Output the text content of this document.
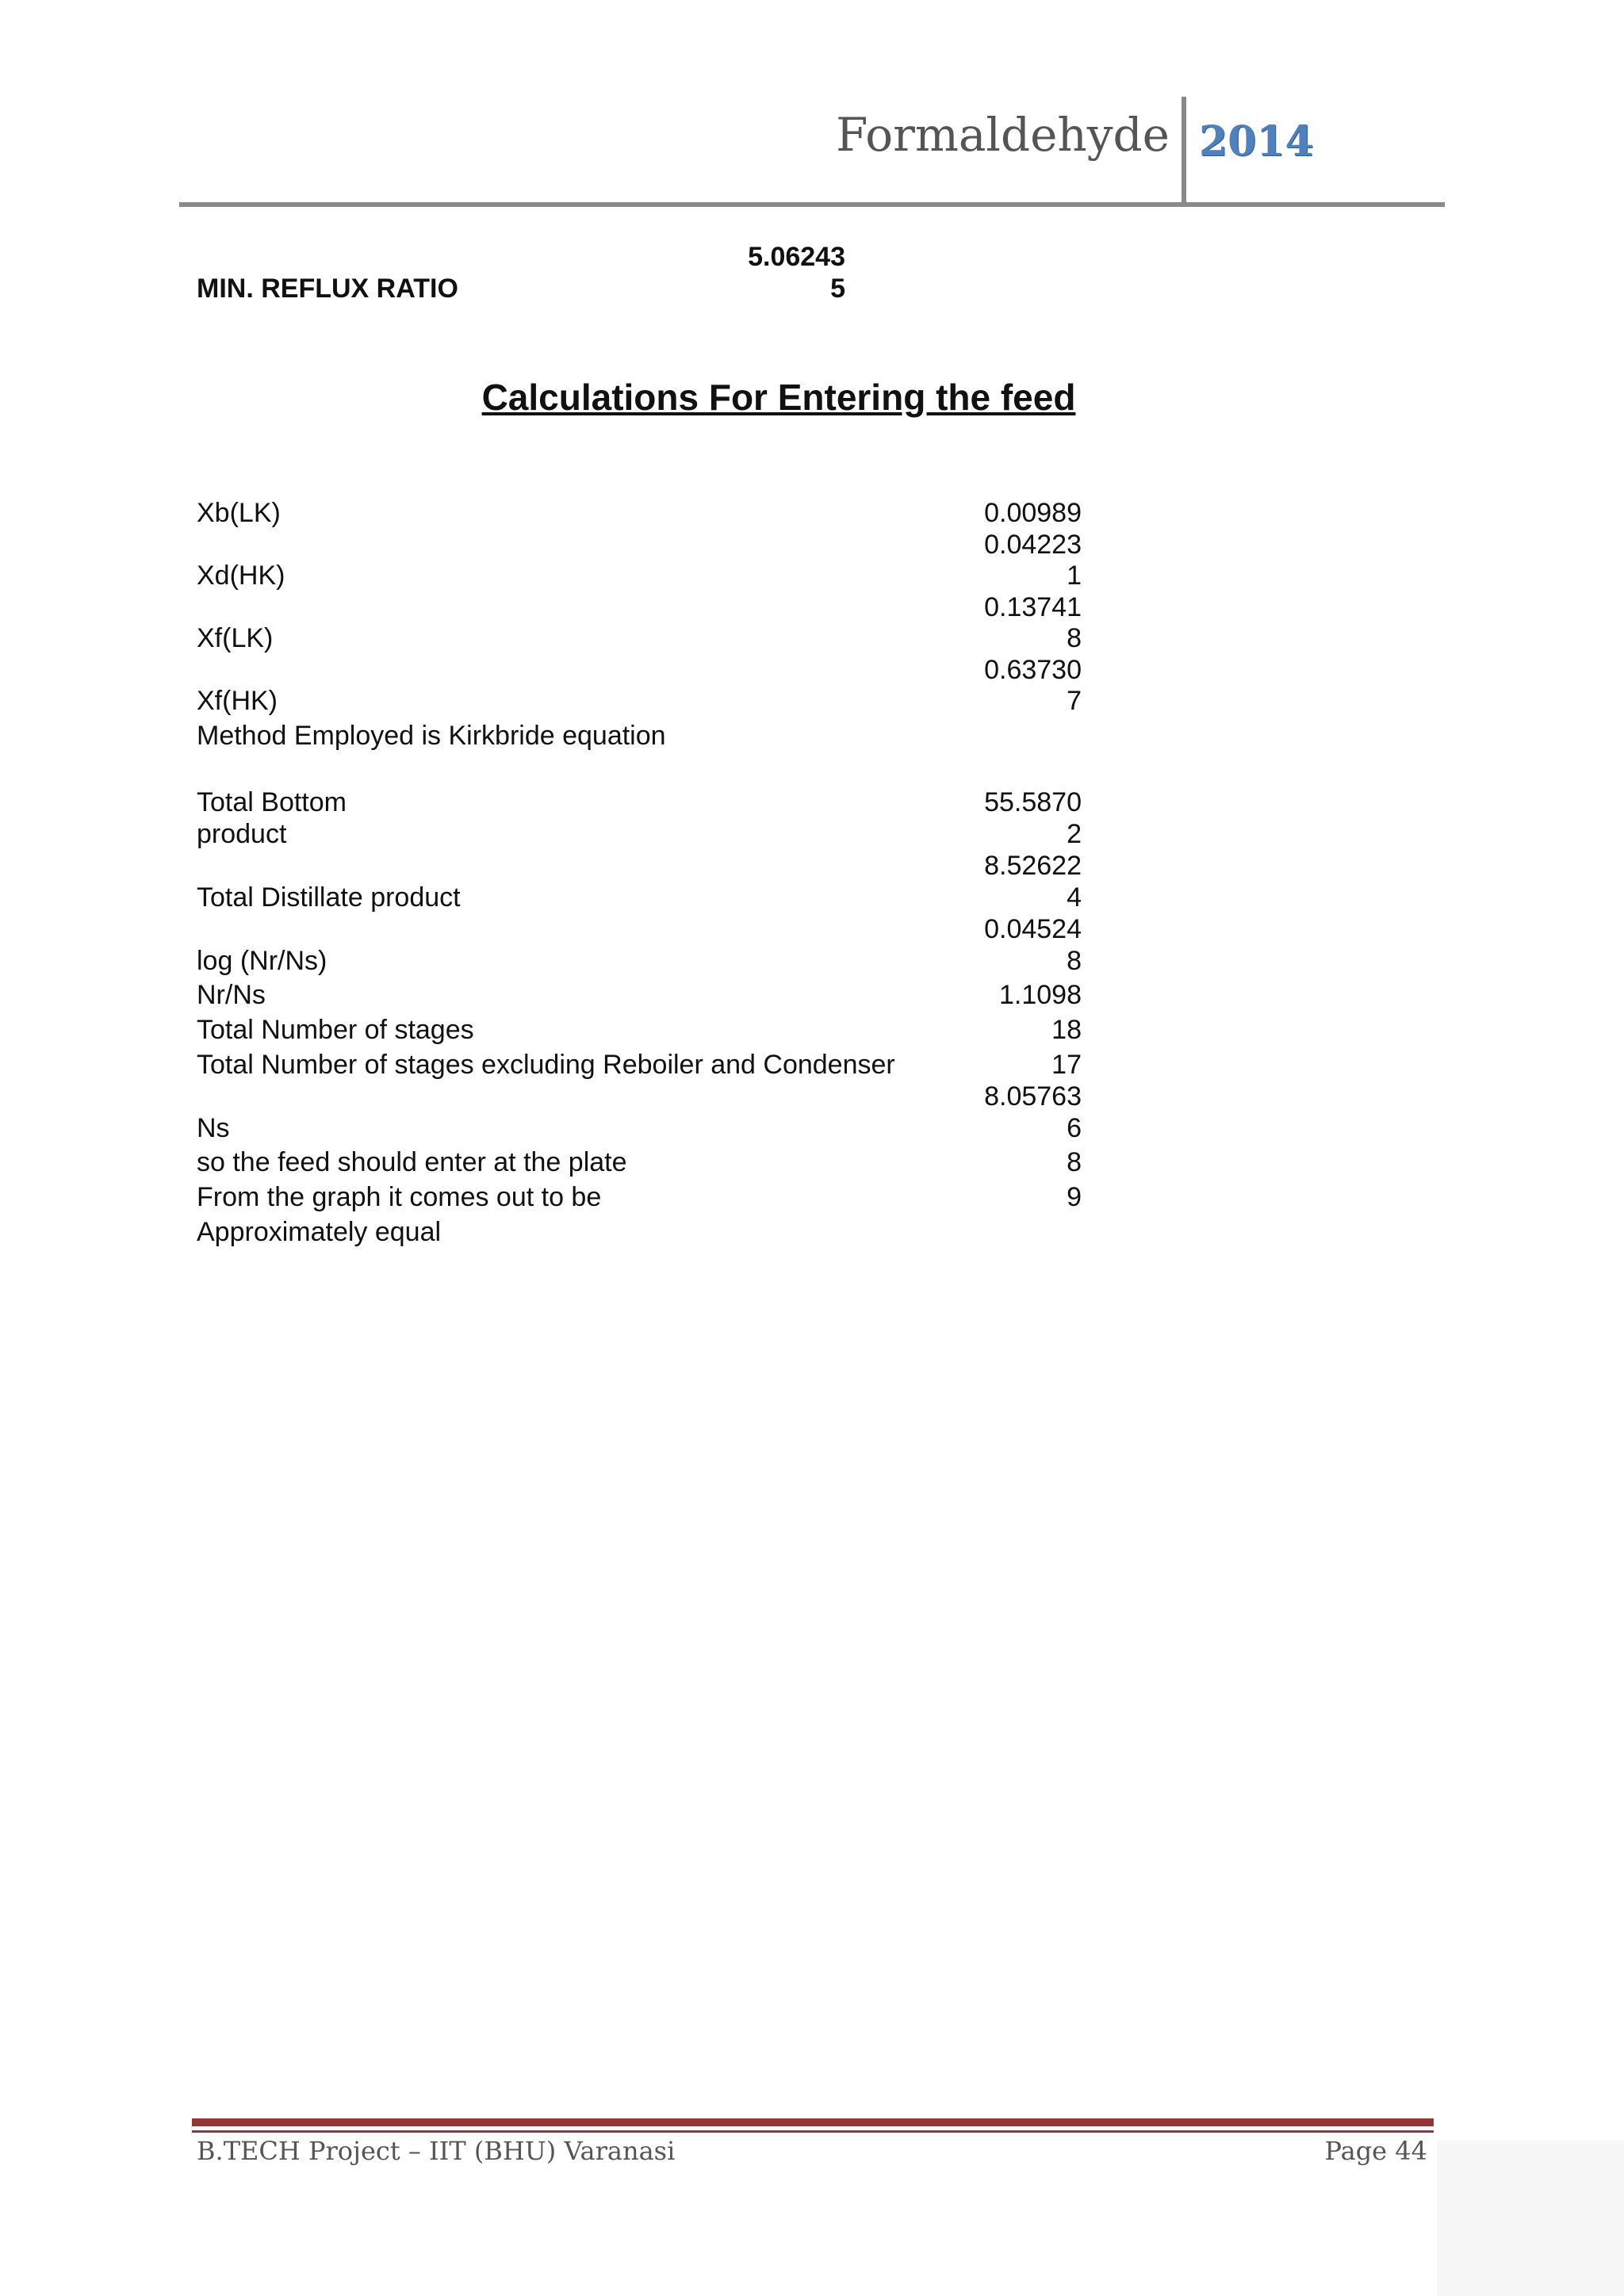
Formaldehyde 2014
5.06243
MIN. REFLUX RATIO	5
Calculations For Entering the feed
Xb(LK)
Xd(HK)
Xf(LK)
Xf(HK)
Method Employed is Kirkbride equation
Total Bottom
product
Total Distillate product
log (Nr/Ns)
Nr/Ns
Total Number of stages
Total Number of stages excluding Reboiler and Condenser
Ns
so the feed should enter at the plate
From the graph it comes out to be
Approximately equal
0.00989
0.04223
1
0.13741
8
0.63730
7
55.5870
2
8.52622
4
0.04524
8
1.1098
18
17
8.05763
6
8
9
B.TECH Project – IIT (BHU) Varanasi	Page 44
